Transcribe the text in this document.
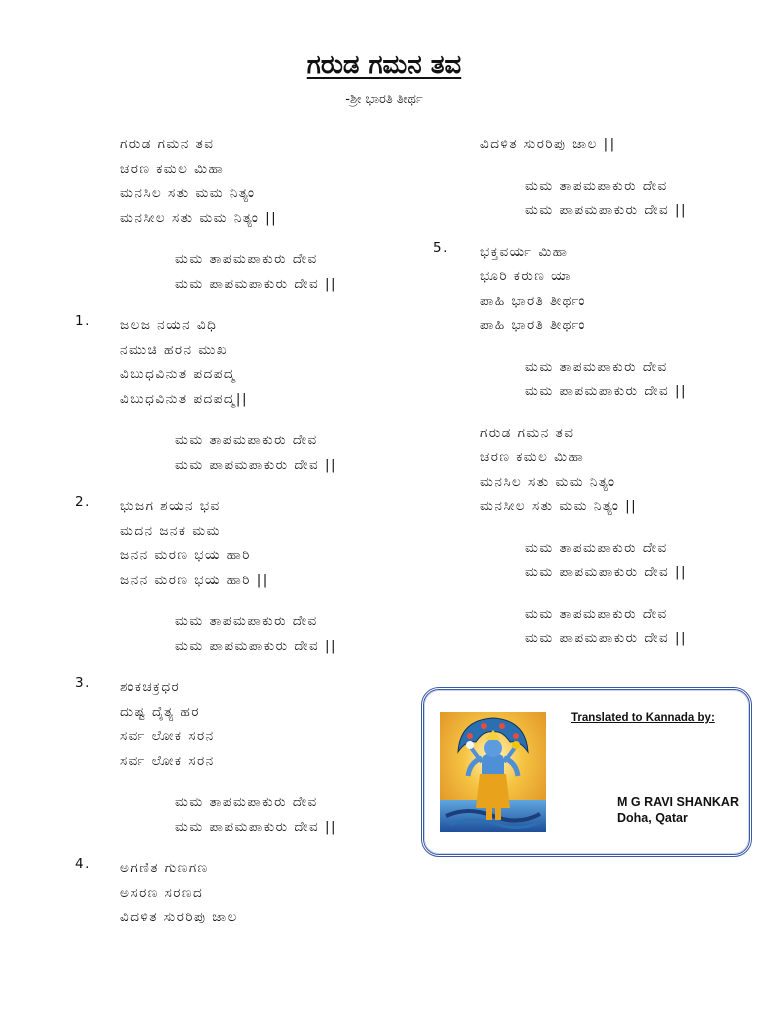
ಗರುಡ ಗಮನ ತವ
-ಶ್ರೀ ಭಾರತಿ ತೀರ್ಥ
ಗರುಡ ಗಮನ ತವ
ಚರಣ ಕಮಲ ಮಿಹಾ
ಮನಸಿಲ ಸತು ಮಮ ನಿತ್ಯಂ
ಮನಸೀಲ ಸತು ಮಮ ನಿತ್ಯಂ ||
ಮಮ ತಾಪಮಪಾಕುರು ದೇವ
ಮಮ ಪಾಪಮಪಾಕುರು ದೇವ ||
1.	ಜಲಜ ನಯನ ವಿಧಿ
ನಮುಚಿ ಹರನ ಮುಖ
ವಿಬುಧವಿನುತ ಪದಪದ್ಮ
ವಿಬುಧವಿನುತ ಪದಪದ್ಮ||
ಮಮ ತಾಪಮಪಾಕುರು ದೇವ
ಮಮ ಪಾಪಮಪಾಕುರು ದೇವ ||
2.	ಭುಜಗ ಶಯನ ಭವ
ಮದನ ಜನಕ ಮಮ
ಜನನ ಮರಣ ಭಯ ಹಾರಿ
ಜನನ ಮರಣ ಭಯ ಹಾರಿ ||
ಮಮ ತಾಪಮಪಾಕುರು ದೇವ
ಮಮ ಪಾಪಮಪಾಕುರು ದೇವ ||
3.	ಶಂಕಚಕ್ರಧರ
ದುಷ್ಟ ದೈತ್ಯ ಹರ
ಸರ್ವ ಲೋಕ ಸರನ
ಸರ್ವ ಲೋಕ ಸರನ
ಮಮ ತಾಪಮಪಾಕುರು ದೇವ
ಮಮ ಪಾಪಮಪಾಕುರು ದೇವ ||
4.	ಅಗಣಿತ ಗುಣಗಣ
ಅಸರಣ ಸರಣದ
ವಿದಳಿತ ಸುರರಿಪು ಜಾಲ
ವಿದಳಿತ ಸುರರಿಪು ಜಾಲ ||
ಮಮ ತಾಪಮಪಾಕುರು ದೇವ
ಮಮ ಪಾಪಮಪಾಕುರು ದೇವ ||
5.	ಭಕ್ತವರ್ಯ ಮಿಹಾ
ಭೂರಿ ಕರುಣ ಯಾ
ಪಾಹಿ ಭಾರತಿ ತೀರ್ಥಂ
ಪಾಹಿ ಭಾರತಿ ತೀರ್ಥಂ
ಮಮ ತಾಪಮಪಾಕುರು ದೇವ
ಮಮ ಪಾಪಮಪಾಕುರು ದೇವ ||
ಗರುಡ ಗಮನ ತವ
ಚರಣ ಕಮಲ ಮಿಹಾ
ಮನಸಿಲ ಸತು ಮಮ ನಿತ್ಯಂ
ಮನಸೀಲ ಸತು ಮಮ ನಿತ್ಯಂ ||
ಮಮ ತಾಪಮಪಾಕುರು ದೇವ
ಮಮ ಪಾಪಮಪಾಕುರು ದೇವ ||
ಮಮ ತಾಪಮಪಾಕುರು ದೇವ
ಮಮ ಪಾಪಮಪಾಕುರು ದೇವ ||
Translated to Kannada by:
M G RAVI SHANKAR
Doha, Qatar
